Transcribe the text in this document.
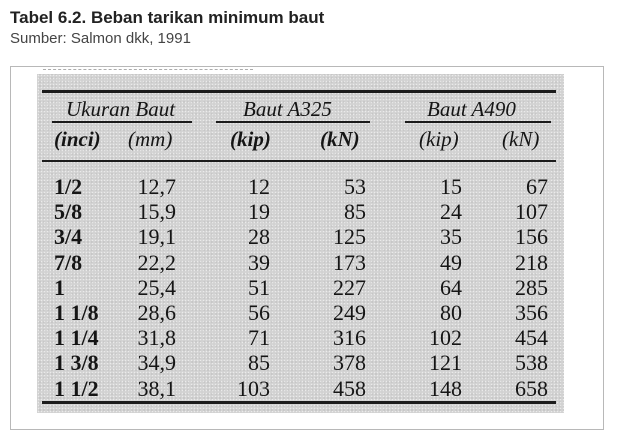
Tabel 6.2. Beban tarikan minimum baut

Sumber: Salmon dkk, 1991

Ukuran Baut	Baut A325	Baut A490
(inci) (mm)	(kip) (kN)	(kip) (kN)
1/2	12,7	12	53	15	67
5/8	15,9	19	85	24 107
3/4	19,1	28	125	35 156
7/8	22,2	39	173	49 218
1	25,4	51	227	64 285
1 1/8 28,6	56	249	80 356
1 1/4 31,8	71	316	102 454
1 3/8 34,9	85	378	121 538
1 1/2 38,1	103	458	148 658
